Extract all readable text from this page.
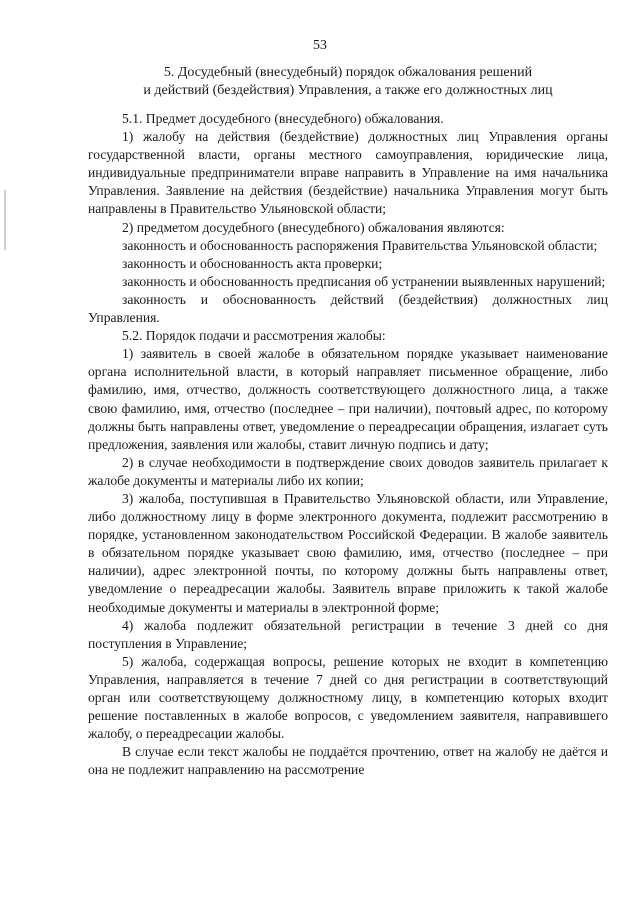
53
5. Досудебный (внесудебный) порядок обжалования решений
и действий (бездействия) Управления, а также его должностных лиц

5.1. Предмет досудебного (внесудебного) обжалования.

1) жалобу на действия (бездействие) должностных лиц Управления органы государственной власти, органы местного самоуправления, юридические лица, индивидуальные предприниматели вправе направить в Управление на имя начальника Управления. Заявление на действия (бездействие) начальника Управления могут быть направлены в Правительство Ульяновской области;

2) предметом досудебного (внесудебного) обжалования являются:

законность и обоснованность распоряжения Правительства Ульяновской области;

законность и обоснованность акта проверки;

законность и обоснованность предписания об устранении выявленных нарушений;

законность и обоснованность действий (бездействия) должностных лиц Управления.

5.2. Порядок подачи и рассмотрения жалобы:

1) заявитель в своей жалобе в обязательном порядке указывает наименование органа исполнительной власти, в который направляет письменное обращение, либо фамилию, имя, отчество, должность соответствующего должностного лица, а также свою фамилию, имя, отчество (последнее – при наличии), почтовый адрес, по которому должны быть направлены ответ, уведомление о переадресации обращения, излагает суть предложения, заявления или жалобы, ставит личную подпись и дату;

2) в случае необходимости в подтверждение своих доводов заявитель прилагает к жалобе документы и материалы либо их копии;

3) жалоба, поступившая в Правительство Ульяновской области, или Управление, либо должностному лицу в форме электронного документа, подлежит рассмотрению в порядке, установленном законодательством Российской Федерации. В жалобе заявитель в обязательном порядке указывает свою фамилию, имя, отчество (последнее – при наличии), адрес электронной почты, по которому должны быть направлены ответ, уведомление о переадресации жалобы. Заявитель вправе приложить к такой жалобе необходимые документы и материалы в электронной форме;

4) жалоба подлежит обязательной регистрации в течение 3 дней со дня поступления в Управление;

5) жалоба, содержащая вопросы, решение которых не входит в компетенцию Управления, направляется в течение 7 дней со дня регистрации в соответствующий орган или соответствующему должностному лицу, в компетенцию которых входит решение поставленных в жалобе вопросов, с уведомлением заявителя, направившего жалобу, о переадресации жалобы.

В случае если текст жалобы не поддаётся прочтению, ответ на жалобу не даётся и она не подлежит направлению на рассмотрение
